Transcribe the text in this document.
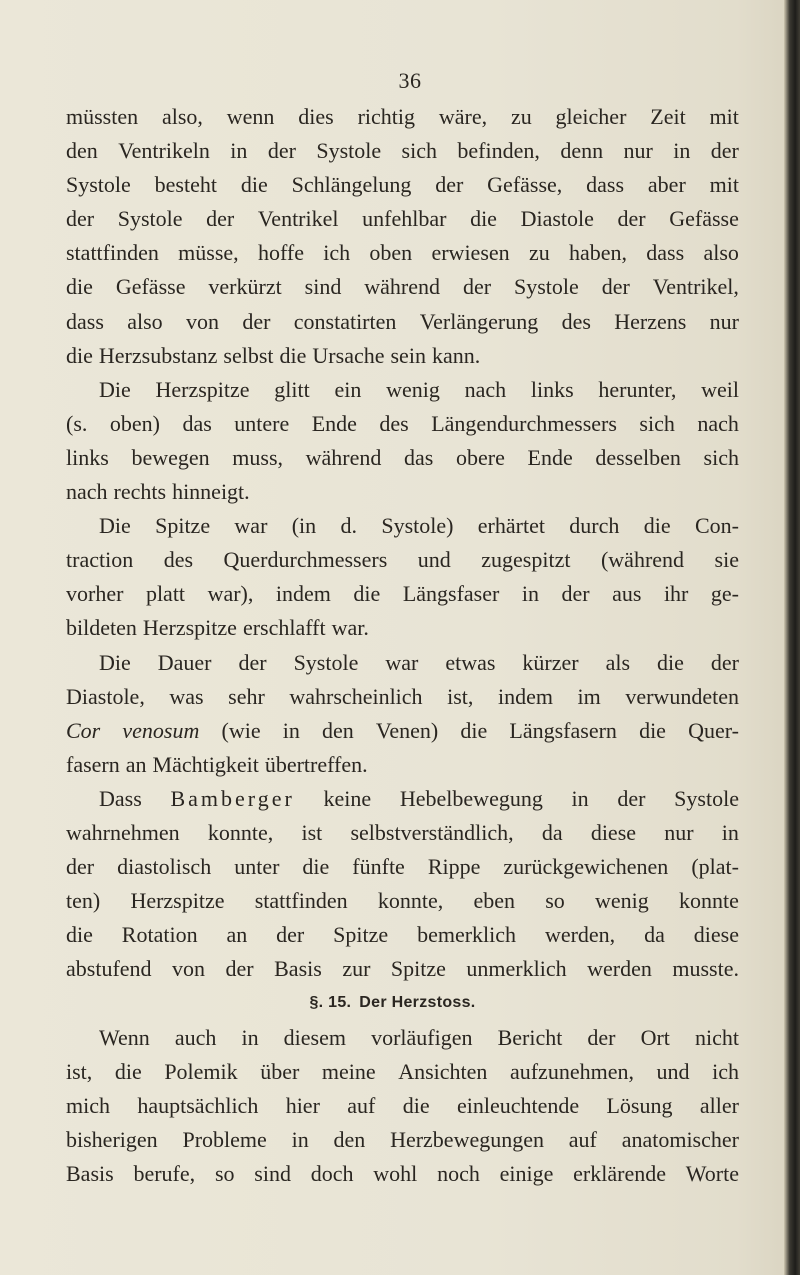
36
müssten also, wenn dies richtig wäre, zu gleicher Zeit mit
den Ventrikeln in der Systole sich befinden, denn nur in der
Systole besteht die Schlängelung der Gefässe, dass aber mit
der Systole der Ventrikel unfehlbar die Diastole der Gefässe
stattfinden müsse, hoffe ich oben erwiesen zu haben, dass also
die Gefässe verkürzt sind während der Systole der Ventrikel,
dass also von der constatirten Verlängerung des Herzens nur
die Herzsubstanz selbst die Ursache sein kann.
Die Herzspitze glitt ein wenig nach links herunter, weil
(s. oben) das untere Ende des Längendurchmessers sich nach
links bewegen muss, während das obere Ende desselben sich
nach rechts hinneigt.
Die Spitze war (in d. Systole) erhärtet durch die Con-
traction des Querdurchmessers und zugespitzt (während sie
vorher platt war), indem die Längsfaser in der aus ihr ge-
bildeten Herzspitze erschlafft war.
Die Dauer der Systole war etwas kürzer als die der
Diastole, was sehr wahrscheinlich ist, indem im verwundeten
Cor venosum (wie in den Venen) die Längsfasern die Quer-
fasern an Mächtigkeit übertreffen.
Dass Bamberger keine Hebelbewegung in der Systole
wahrnehmen konnte, ist selbstverständlich, da diese nur in
der diastolisch unter die fünfte Rippe zurückgewichenen (plat-
ten) Herzspitze stattfinden konnte, eben so wenig konnte
die Rotation an der Spitze bemerklich werden, da diese
abstufend von der Basis zur Spitze unmerklich werden musste.
§. 15. Der Herzstoss.
Wenn auch in diesem vorläufigen Bericht der Ort nicht
ist, die Polemik über meine Ansichten aufzunehmen, und ich
mich hauptsächlich hier auf die einleuchtende Lösung aller
bisherigen Probleme in den Herzbewegungen auf anatomischer
Basis berufe, so sind doch wohl noch einige erklärende Worte
